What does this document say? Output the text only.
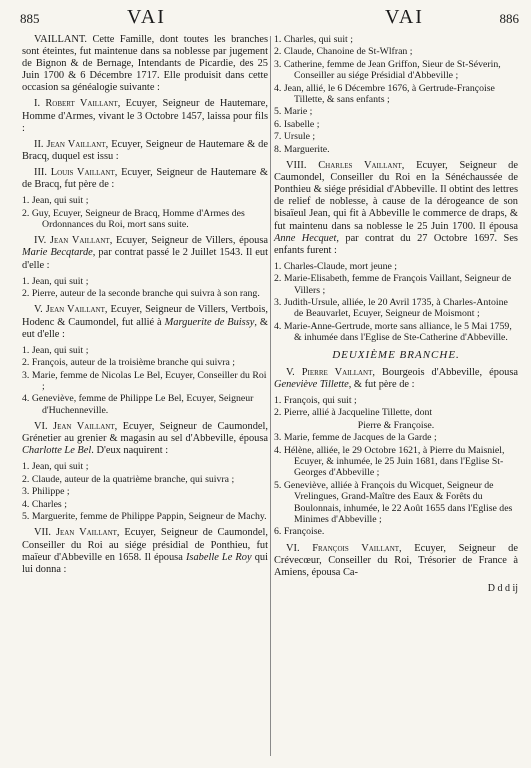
885	VAI	VAI	886

VAILLANT. Cette Famille, dont toutes les branches sont éteintes, fut maintenue dans sa noblesse par jugement de Bignon & de Bernage, Intendants de Picardie, des 25 Juin 1700 & 6 Décembre 1717. Elle produisit dans cette occasion sa généalogie suivante :

I. Robert Vaillant, Ecuyer, Seigneur de Hautemare, Homme d'Armes, vivant le 3 Octobre 1457, laissa pour fils :

II. Jean Vaillant, Ecuyer, Seigneur de Hautemare & de Bracq, duquel est issu :

III. Louis Vaillant, Ecuyer, Seigneur de Hautemare & de Bracq, fut père de :

1. Jean, qui suit ;
2. Guy, Ecuyer, Seigneur de Bracq, Homme d'Armes des Ordonnances du Roi, mort sans suite.

IV. Jean Vaillant, Ecuyer, Seigneur de Villers, épousa Marie Becqtarde, par contrat passé le 2 Juillet 1543. Il eut d'elle :

1. Jean, qui suit ;
2. Pierre, auteur de la seconde branche qui suivra à son rang.

V. Jean Vaillant, Ecuyer, Seigneur de Villers, Vertbois, Hodenc & Caumondel, fut allié à Marguerite de Buissy, & eut d'elle :

1. Jean, qui suit ;
2. François, auteur de la troisième branche qui suivra ;
3. Marie, femme de Nicolas Le Bel, Ecuyer, Conseiller du Roi ;
4. Geneviève, femme de Philippe Le Bel, Ecuyer, Seigneur d'Huchenneville.

VI. Jean Vaillant, Ecuyer, Seigneur de Caumondel, Grénetier au grenier & magasin au sel d'Abbeville, épousa Charlotte Le Bel. D'eux naquirent :

1. Jean, qui suit ;
2. Claude, auteur de la quatrième branche, qui suivra ;
3. Philippe ;
4. Charles ;
5. Marguerite, femme de Philippe Pappin, Seigneur de Machy.

VII. Jean Vaillant, Ecuyer, Seigneur de Caumondel, Conseiller du Roi au siége présidial de Ponthieu, fut maïeur d'Abbeville en 1658. Il épousa Isabelle Le Roy qui lui donna :

1. Charles, qui suit ;
2. Claude, Chanoine de St-Wlfran ;
3. Catherine, femme de Jean Griffon, Sieur de St-Séverin, Conseiller au siége Présidial d'Abbeville ;
4. Jean, allié, le 6 Décembre 1676, à Gertrude-Françoise Tillette, & sans enfants ;
5. Marie ;
6. Isabelle ;
7. Ursule ;
8. Marguerite.

VIII. Charles Vaillant, Ecuyer, Seigneur de Caumondel, Conseiller du Roi en la Sénéchaussée de Ponthieu & siége présidial d'Abbeville. Il obtint des lettres de relief de noblesse, à cause de la dérogeance de son bisaïeul Jean, qui fit à Abbeville le commerce de draps, & fut maintenu dans sa noblesse le 25 Juin 1700. Il épousa Anne Hecquet, par contrat du 27 Octobre 1697. Ses enfants furent :

1. Charles-Claude, mort jeune ;
2. Marie-Elisabeth, femme de François Vaillant, Seigneur de Villers ;
3. Judith-Ursule, alliée, le 20 Avril 1735, à Charles-Antoine de Beauvarlet, Ecuyer, Seigneur de Moismont ;
4. Marie-Anne-Gertrude, morte sans alliance, le 5 Mai 1759, & inhumée dans l'Eglise de Ste-Catherine d'Abbeville.
DEUXIÈME BRANCHE.

V. Pierre Vaillant, Bourgeois d'Abbeville, épousa Geneviève Tillette, & fut père de :

1. François, qui suit ;
2. Pierre, allié à Jacqueline Tillette, dont
Pierre & Françoise.
3. Marie, femme de Jacques de la Garde ;
4. Hélène, alliée, le 29 Octobre 1621, à Pierre du Maisniel, Ecuyer, & inhumée, le 25 Juin 1681, dans l'Eglise St-Georges d'Abbeville ;
5. Geneviève, alliée à François du Wicquet, Seigneur de Vrelingues, Grand-Maître des Eaux & Forêts du Boulonnais, inhumée, le 22 Août 1655 dans l'Eglise des Minimes d'Abbeville ;
6. Françoise.

VI. François Vaillant, Ecuyer, Seigneur de Crévecœur, Conseiller du Roi, Trésorier de France à Amiens, épousa Ca-

D d d ij
